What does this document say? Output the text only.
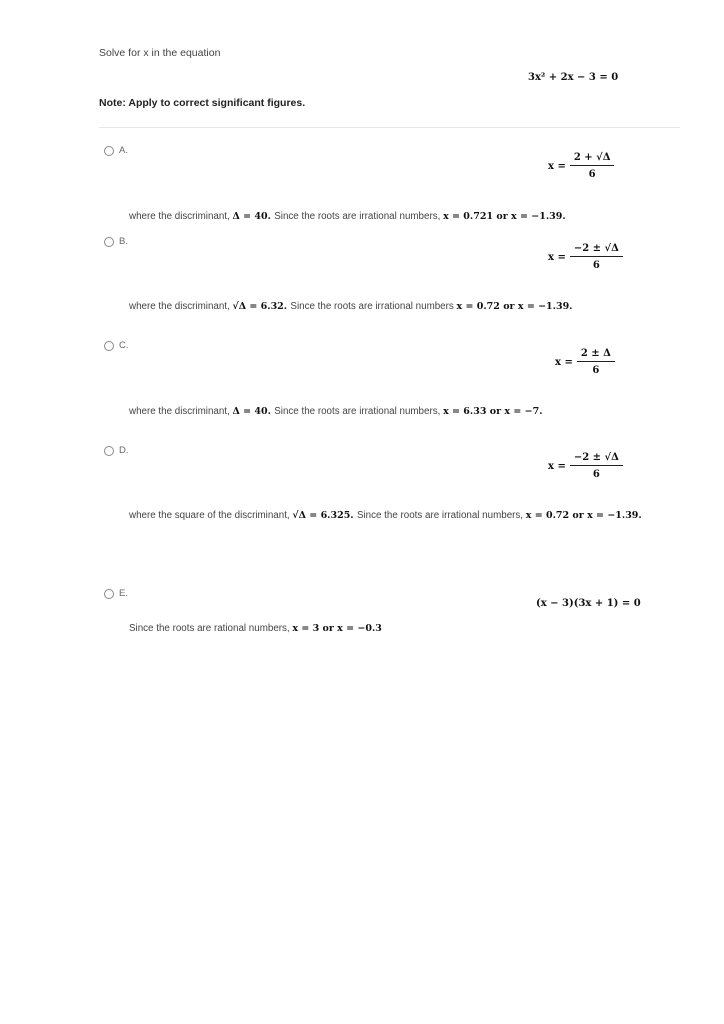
Solve for x in the equation
3x² + 2x − 3 = 0
Note: Apply to correct significant figures.
A.
$x = \frac{2 + √\Delta}{6}$
where the discriminant, Δ = 40. Since the roots are irrational numbers, x = 0.721 or x = −1.39.
B.
$x = \frac{-2 \pm √\Delta}{6}$
where the discriminant, √Δ = 6.32. Since the roots are irrational numbers x = 0.72 or x = −1.39.
C.
$x = \frac{2 \pm \Delta}{6}$
where the discriminant, Δ = 40. Since the roots are irrational numbers, x = 6.33 or x = −7.
D.
$x = \frac{-2 \pm √\Delta}{6}$
where the square of the discriminant, √Δ = 6.325. Since the roots are irrational numbers, x = 0.72 or x = −1.39.
E.
(x − 3)(3x + 1) = 0
Since the roots are rational numbers, x = 3 or x = −0.3
